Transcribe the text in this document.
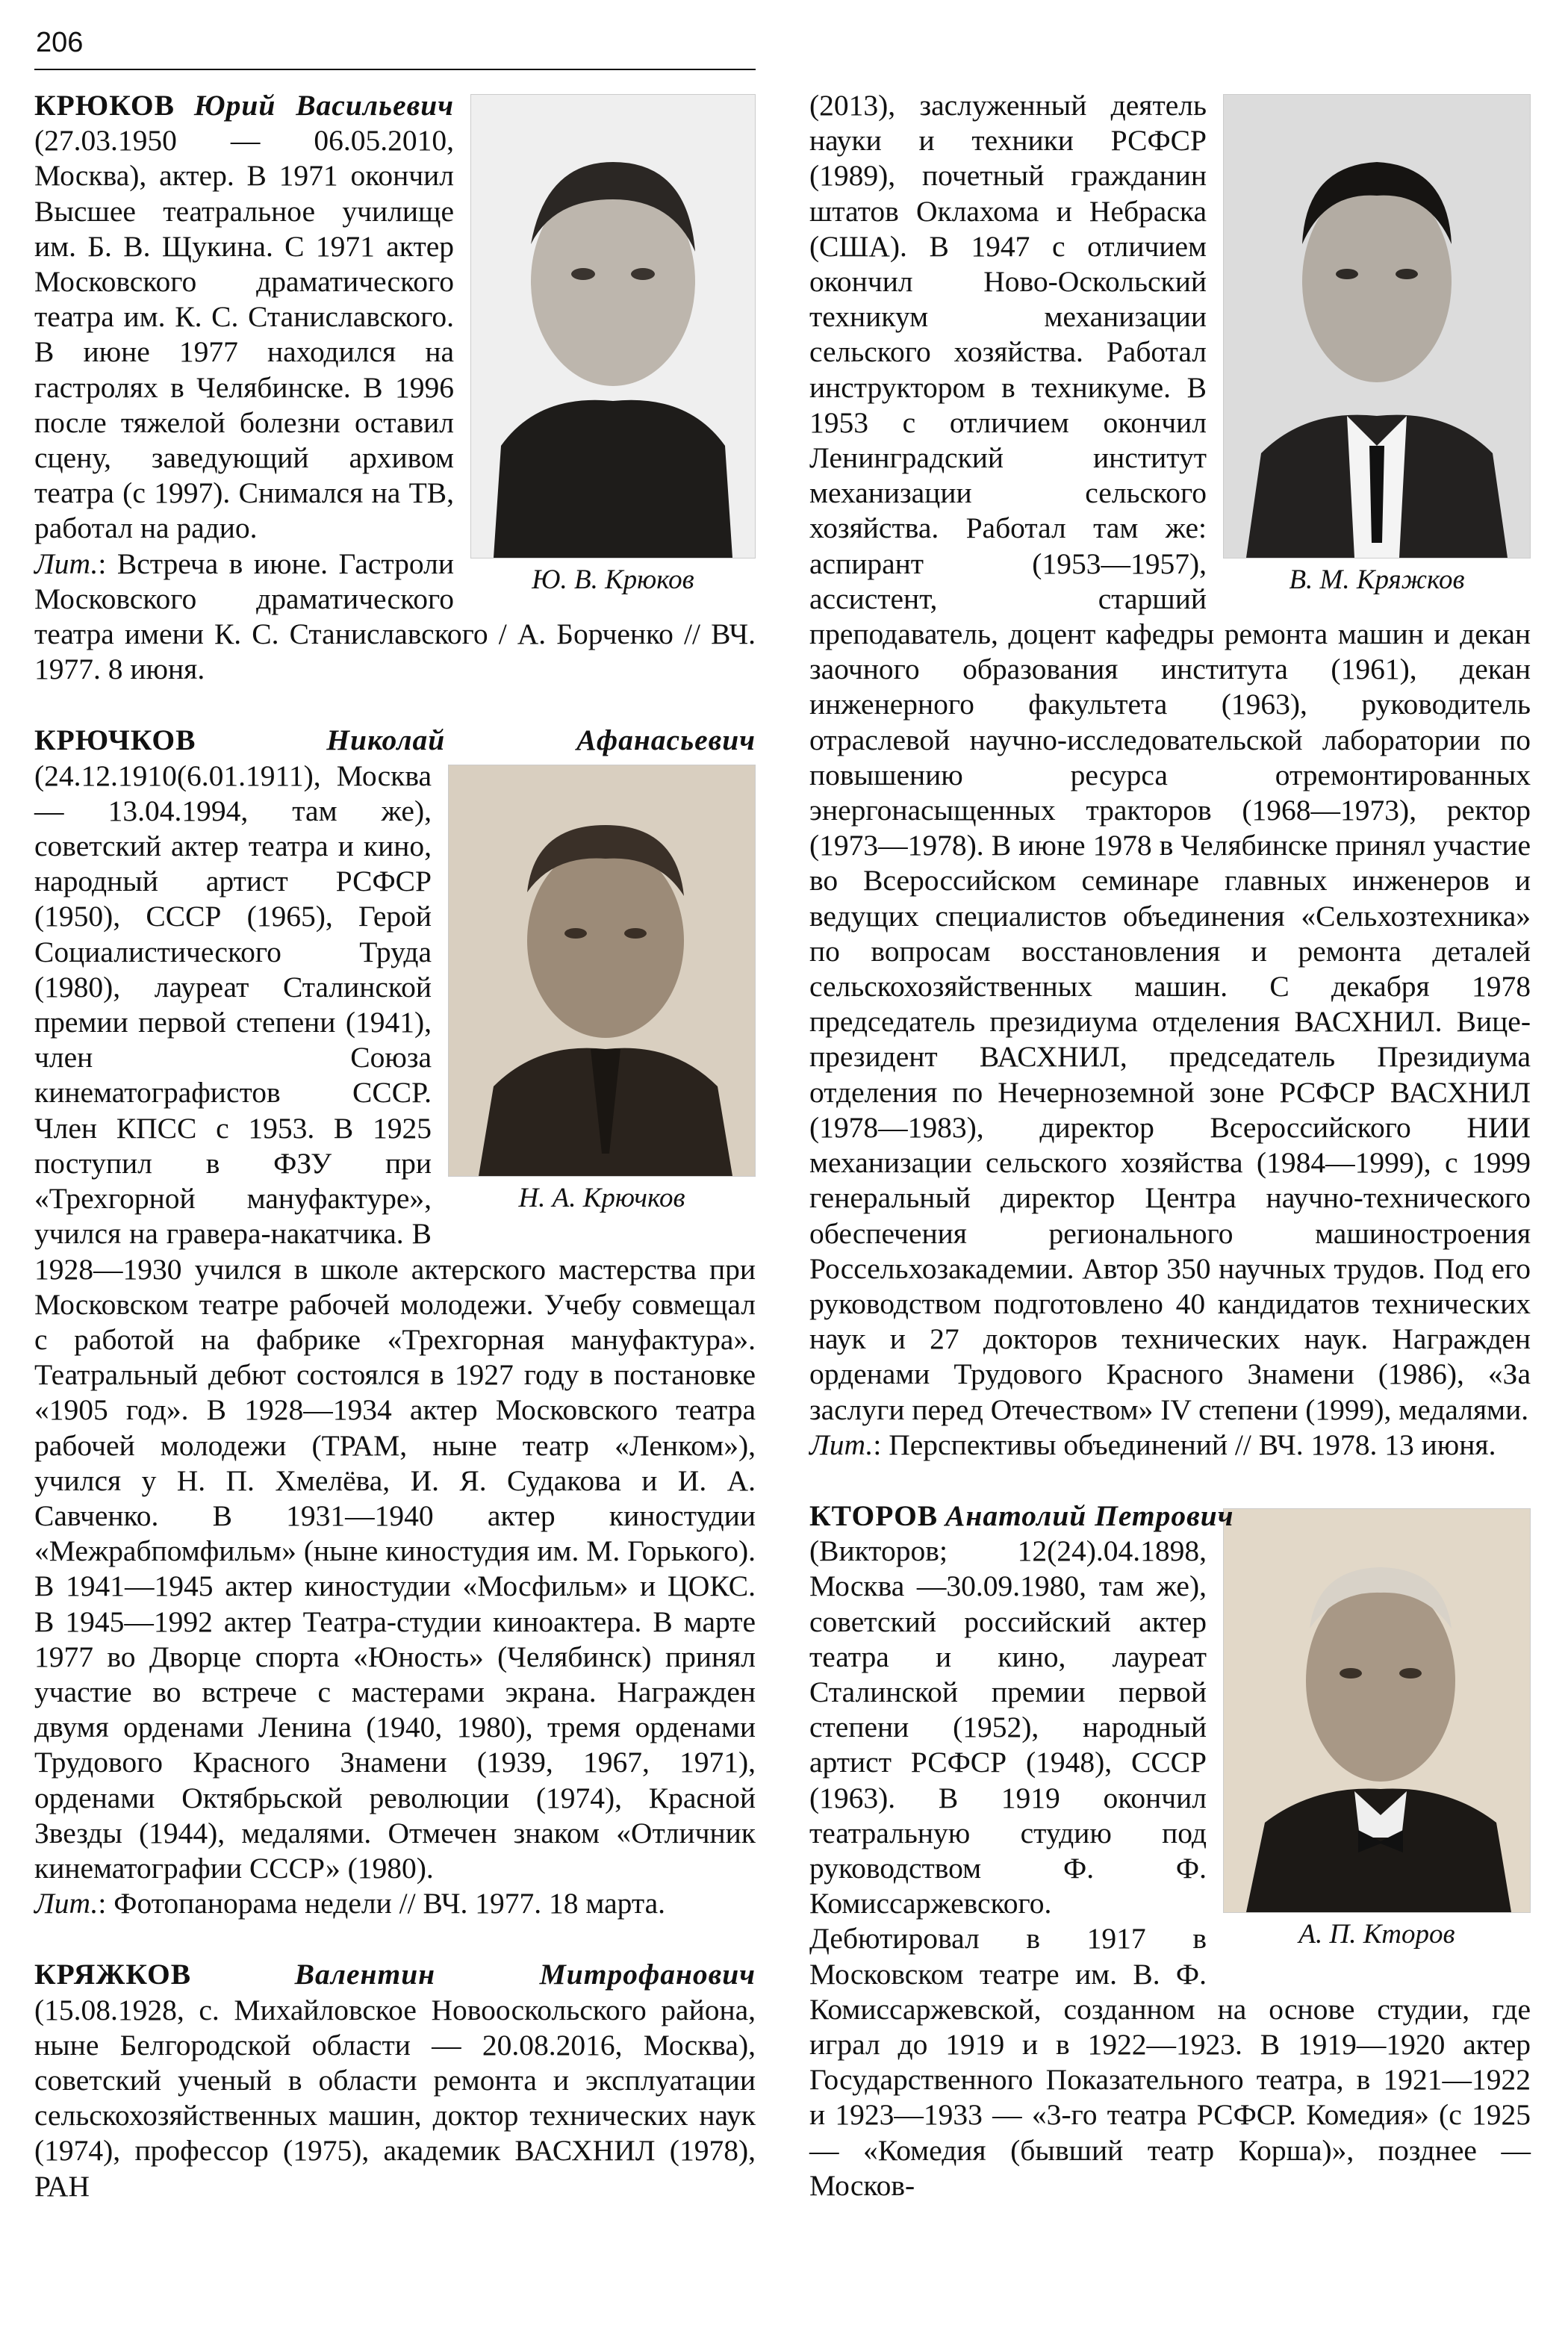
206
Ю. В. Крюков

КРЮКОВ Юрий Васильевич (27.03.1950 — 06.05.2010, Москва), актер. В 1971 окончил Высшее театральное училище им. Б. В. Щукина. С 1971 актер Московского драматического театра им. К. С. Станиславского. В июне 1977 находился на гастролях в Челябинске. В 1996 после тяжелой болезни оставил сцену, заведующий архивом театра (с 1997). Снимался на ТВ, работал на радио.

Лит.: Встреча в июне. Гастроли Московского драматического театра имени К. С. Станиславского / А. Борченко // ВЧ. 1977. 8 июня.

КРЮЧКОВ	Николай Афанасьевич

Н. А. Крючков

(24.12.1910(6.01.1911), Москва — 13.04.1994, там же), советский актер театра и кино, народный артист РСФСР (1950), СССР (1965), Герой Социалистического Труда (1980), лауреат Сталинской премии первой степени (1941), член Союза кинематографистов СССР. Член КПСС с 1953. В 1925 поступил в ФЗУ при «Трехгорной мануфактуре», учился на гравера-накатчика. В 1928—1930 учился в школе актерского мастерства при Московском театре рабочей молодежи. Учебу совмещал с работой на фабрике «Трехгорная мануфактура». Театральный дебют состоялся в 1927 году в постановке «1905 год». В 1928—1934 актер Московского театра рабочей молодежи (ТРАМ, ныне театр «Ленком»), учился у Н. П. Хмелёва, И. Я. Судакова и И. А. Савченко. В 1931—1940 актер киностудии «Межрабпомфильм» (ныне киностудия им. М. Горького). В 1941—1945 актер киностудии «Мосфильм» и ЦОКС. В 1945—1992 актер Театра-студии киноактера. В марте 1977 во Дворце спорта «Юность» (Челябинск) принял участие во встрече с мастерами экрана. Награжден двумя орденами Ленина (1940, 1980), тремя орденами Трудового Красного Знамени (1939, 1967, 1971), орденами Октябрьской революции (1974), Красной Звезды (1944), медалями. Отмечен знаком «Отличник кинематографии СССР» (1980).

Лит.: Фотопанорама недели // ВЧ. 1977. 18 марта.

КРЯЖКОВ	Валентин Митрофанович

(15.08.1928, с. Михайловское Новооскольского района, ныне Белгородской области — 20.08.2016, Москва), советский ученый в области ремонта и эксплуатации сельскохозяйственных машин, доктор технических наук (1974), профессор (1975), академик ВАСХНИЛ (1978), РАН

В. М. Кряжков

(2013), заслуженный деятель науки и техники РСФСР (1989), почетный гражданин штатов Оклахома и Небраска (США). В 1947 с отличием окончил Ново-Оскольский техникум механизации сельского хозяйства. Работал инструктором в техникуме. В 1953 с отличием окончил Ленинградский институт механизации сельского хозяйства. Работал там же: аспирант (1953—1957), ассистент, старший преподаватель, доцент кафедры ремонта машин и декан заочного образования института (1961), декан инженерного факультета (1963), руководитель отраслевой научно-исследовательской лаборатории по повышению ресурса отремонтированных энергонасыщенных тракторов (1968—1973), ректор (1973—1978). В июне 1978 в Челябинске принял участие во Всероссийском семинаре главных инженеров и ведущих специалистов объединения «Сельхозтехника» по вопросам восстановления и ремонта деталей сельскохозяйственных машин. С декабря 1978 председатель президиума отделения ВАСХНИЛ. Вице-президент ВАСХНИЛ, председатель Президиума отделения по Нечерноземной зоне РСФСР ВАСХНИЛ (1978—1983), директор Всероссийского НИИ механизации сельского хозяйства (1984—1999), с 1999 генеральный директор Центра научно-технического обеспечения регионального машиностроения Россельхозакадемии. Автор 350 научных трудов. Под его руководством подготовлено 40 кандидатов технических наук и 27 докторов технических наук. Награжден орденами Трудового Красного Знамени (1986), «За заслуги перед Отечеством» IV степени (1999), медалями.

Лит.: Перспективы объединений // ВЧ. 1978. 13 июня.

КТОРОВ Анатолий Петрович

А. П. Кторов

(Викторов; 12(24).04.1898, Москва —30.09.1980, там же), советский российский актер театра и кино, лауреат Сталинской премии первой степени (1952), народный артист РСФСР (1948), СССР (1963). В 1919 окончил театральную студию под руководством Ф. Ф. Комиссаржевского. Дебютировал в 1917 в Московском театре им. В. Ф. Комиссаржевской, созданном на основе студии, где играл до 1919 и в 1922—1923. В 1919—1920 актер Государственного Показательного театра, в 1921—1922 и 1923—1933 — «3-го театра РСФСР. Комедия» (с 1925 — «Комедия (бывший театр Корша)», позднее — Москов-
